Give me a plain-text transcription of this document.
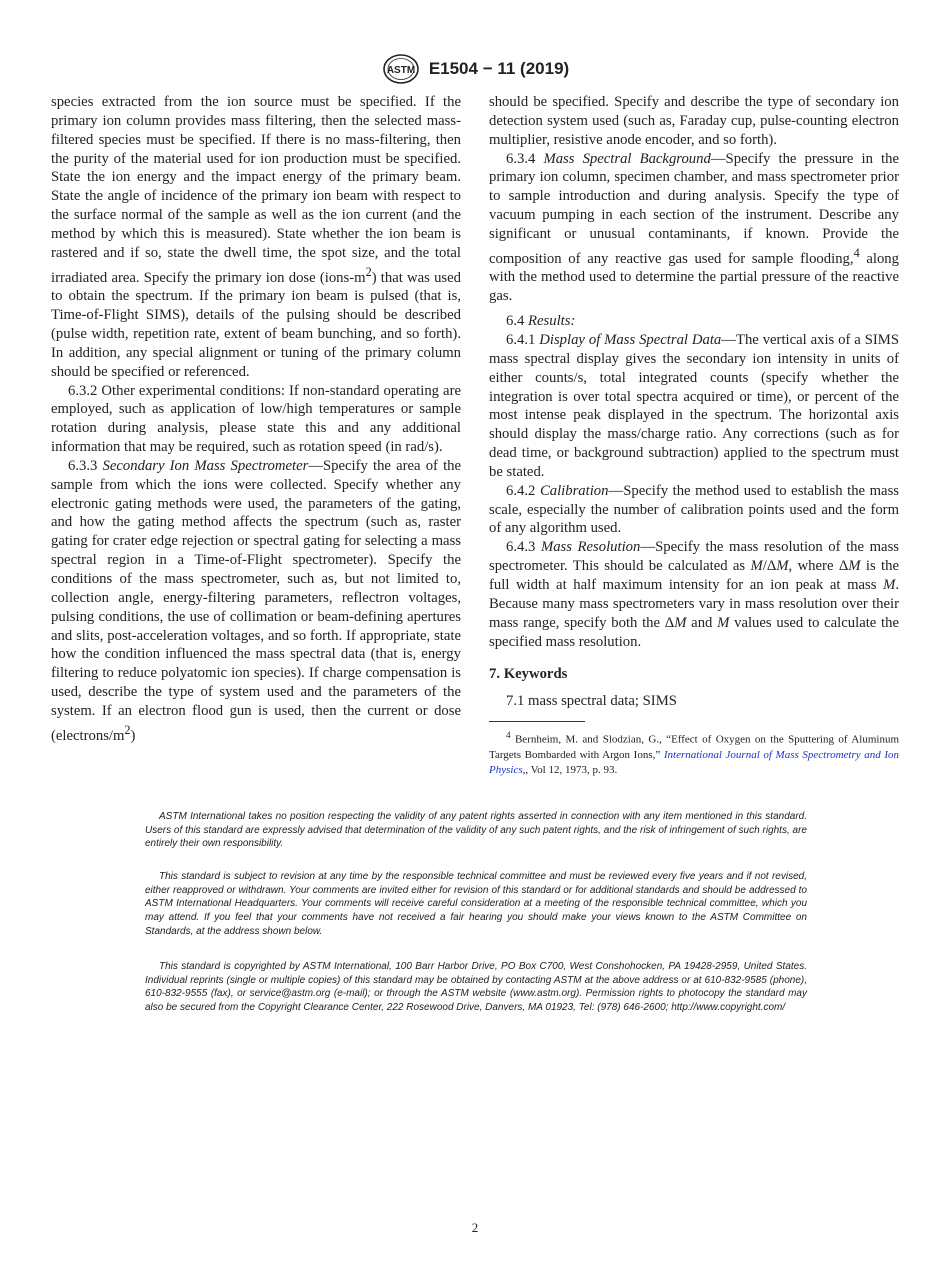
ASTM E1504 − 11 (2019)

species extracted from the ion source must be specified. If the primary ion column provides mass filtering, then the selected mass-filtered species must be specified. If there is no mass-filtering, then the purity of the material used for ion production must be specified. State the ion energy and the impact energy of the primary beam. State the angle of incidence of the primary ion beam with respect to the surface normal of the sample as well as the ion current (and the method by which this is measured). State whether the ion beam is rastered and if so, state the dwell time, the spot size, and the total irradiated area. Specify the primary ion dose $(ions-m^2)$ that was used to obtain the spectrum. If the primary ion beam is pulsed (that is, Time-of-Flight SIMS), details of the pulsing should be described (pulse width, repetition rate, extent of beam bunching, and so forth). In addition, any special alignment or tuning of the primary column should be specified or referenced.

6.3.2 Other experimental conditions: If non-standard operating are employed, such as application of low/high temperatures or sample rotation during analysis, please state this and any additional information that may be required, such as rotation speed (in rad/s).

6.3.3 Secondary Ion Mass Spectrometer—Specify the area of the sample from which the ions were collected. Specify whether any electronic gating methods were used, the parameters of the gating, and how the gating method affects the spectrum (such as, raster gating for crater edge rejection or spectral gating for selecting a mass spectral region in a Time-of-Flight spectrometer). Specify the conditions of the mass spectrometer, such as, but not limited to, collection angle, energy-filtering parameters, reflectron voltages, pulsing conditions, the use of collimation or beam-defining apertures and slits, post-acceleration voltages, and so forth. If appropriate, state how the condition influenced the mass spectral data (that is, energy filtering to reduce polyatomic ion species). If charge compensation is used, describe the type of system used and the parameters of the system. If an electron flood gun is used, then the current or dose $(electrons/m^2)$

should be specified. Specify and describe the type of secondary ion detection system used (such as, Faraday cup, pulse-counting electron multiplier, resistive anode encoder, and so forth).

6.3.4 Mass Spectral Background—Specify the pressure in the primary ion column, specimen chamber, and mass spectrometer prior to sample introduction and during analysis. Specify the type of vacuum pumping in each section of the instrument. Describe any significant or unusual contaminants, if known. Provide the composition of any reactive gas used for sample flooding,$^4$ along with the method used to determine the partial pressure of the reactive gas.

6.4 Results:

6.4.1 Display of Mass Spectral Data—The vertical axis of a SIMS mass spectral display gives the secondary ion intensity in units of either counts/s, total integrated counts (specify whether the integration is over total spectra acquired or time), or percent of the most intense peak displayed in the spectrum. The horizontal axis should display the mass/charge ratio. Any corrections (such as for dead time, or background subtraction) applied to the spectrum must be stated.

6.4.2 Calibration—Specify the method used to establish the mass scale, especially the number of calibration points used and the form of any algorithm used.

6.4.3 Mass Resolution—Specify the mass resolution of the mass spectrometer. This should be calculated as M/ΔM, where ΔM is the full width at half maximum intensity for an ion peak at mass M. Because many mass spectrometers vary in mass resolution over their mass range, specify both the ΔM and M values used to calculate the specified mass resolution.

7. Keywords

7.1 mass spectral data; SIMS

$^4$ Bernheim, M. and Slodzian, G., “Effect of Oxygen on the Sputtering of Aluminum Targets Bombarded with Argon Ions,” International Journal of Mass Spectrometry and Ion Physics,, Vol 12, 1973, p. 93.

ASTM International takes no position respecting the validity of any patent rights asserted in connection with any item mentioned in this standard. Users of this standard are expressly advised that determination of the validity of any such patent rights, and the risk of infringement of such rights, are entirely their own responsibility.

This standard is subject to revision at any time by the responsible technical committee and must be reviewed every five years and if not revised, either reapproved or withdrawn. Your comments are invited either for revision of this standard or for additional standards and should be addressed to ASTM International Headquarters. Your comments will receive careful consideration at a meeting of the responsible technical committee, which you may attend. If you feel that your comments have not received a fair hearing you should make your views known to the ASTM Committee on Standards, at the address shown below.

This standard is copyrighted by ASTM International, 100 Barr Harbor Drive, PO Box C700, West Conshohocken, PA 19428-2959, United States. Individual reprints (single or multiple copies) of this standard may be obtained by contacting ASTM at the above address or at 610-832-9585 (phone), 610-832-9555 (fax), or service@astm.org (e-mail); or through the ASTM website (www.astm.org). Permission rights to photocopy the standard may also be secured from the Copyright Clearance Center, 222 Rosewood Drive, Danvers, MA 01923, Tel: (978) 646-2600; http://www.copyright.com/

2
